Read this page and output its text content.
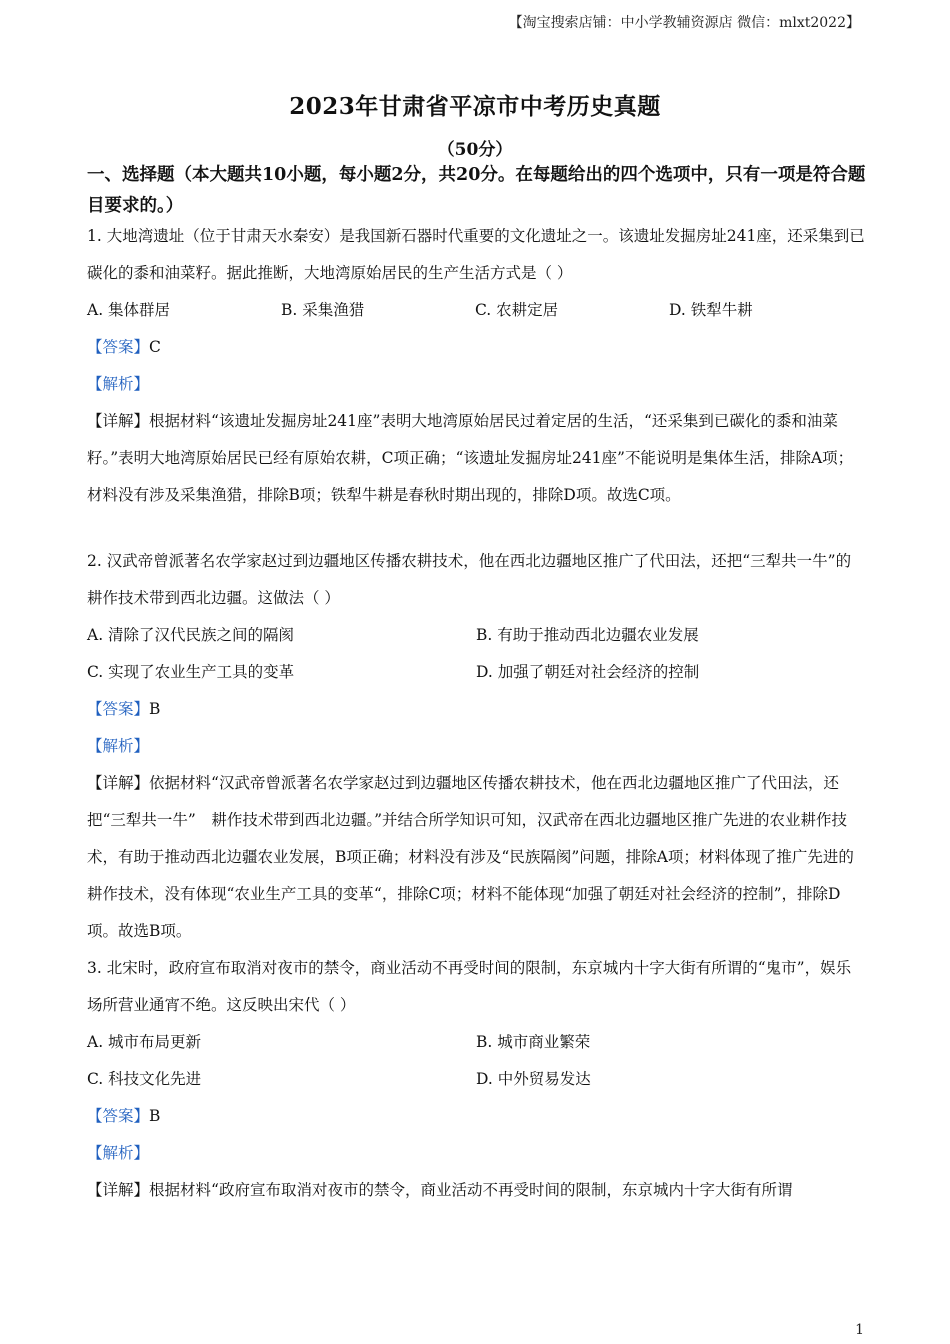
【淘宝搜索店铺：中小学教辅资源店 微信：mlxt2022】
2023年甘肃省平凉市中考历史真题
（50分）
一、选择题（本大题共10小题，每小题2分，共20分。在每题给出的四个选项中，只有一项是符合题目要求的。）

1. 大地湾遗址（位于甘肃天水秦安）是我国新石器时代重要的文化遗址之一。该遗址发掘房址241座，还采集到已碳化的黍和油菜籽。据此推断，大地湾原始居民的生产生活方式是（ ）

A. 集体群居	B. 采集渔猎	C. 农耕定居	D. 铁犁牛耕

【答案】C

【解析】

【详解】根据材料“该遗址发掘房址241座”表明大地湾原始居民过着定居的生活，“还采集到已碳化的黍和油菜籽。”表明大地湾原始居民已经有原始农耕，C项正确；“该遗址发掘房址241座”不能说明是集体生活，排除A项；材料没有涉及采集渔猎，排除B项；铁犁牛耕是春秋时期出现的，排除D项。故选C项。

2. 汉武帝曾派著名农学家赵过到边疆地区传播农耕技术，他在西北边疆地区推广了代田法，还把“三犁共一牛”的耕作技术带到西北边疆。这做法（ ）

A. 清除了汉代民族之间的隔阂	B. 有助于推动西北边疆农业发展
C. 实现了农业生产工具的变革	D. 加强了朝廷对社会经济的控制

【答案】B

【解析】

【详解】依据材料“汉武帝曾派著名农学家赵过到边疆地区传播农耕技术，他在西北边疆地区推广了代田法，还把“三犁共一牛”　耕作技术带到西北边疆。”并结合所学知识可知，汉武帝在西北边疆地区推广先进的农业耕作技术，有助于推动西北边疆农业发展，B项正确；材料没有涉及“民族隔阂”问题，排除A项；材料体现了推广先进的耕作技术，没有体现“农业生产工具的变革“，排除C项；材料不能体现“加强了朝廷对社会经济的控制”，排除D项。故选B项。

3. 北宋时，政府宣布取消对夜市的禁令，商业活动不再受时间的限制，东京城内十字大街有所谓的“鬼市”，娱乐场所营业通宵不绝。这反映出宋代（ ）

A. 城市布局更新	B. 城市商业繁荣
C. 科技文化先进	D. 中外贸易发达

【答案】B

【解析】

【详解】根据材料“政府宣布取消对夜市的禁令，商业活动不再受时间的限制，东京城内十字大街有所谓

1
